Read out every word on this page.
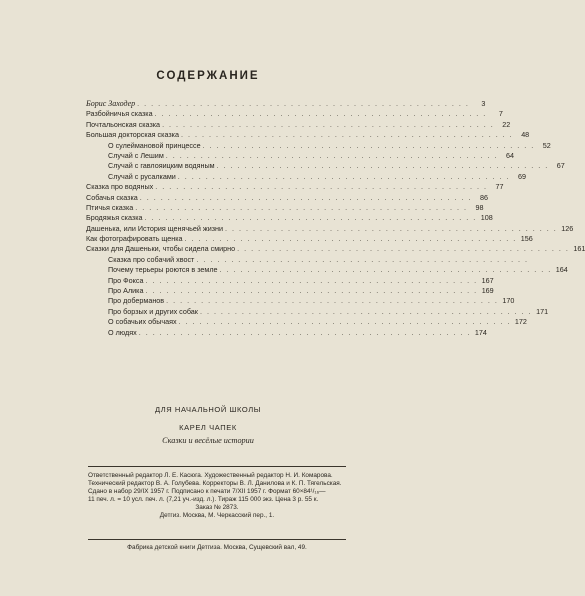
СОДЕРЖАНИЕ
Борис Заходер . . . . . . . . . . . . . . . . . . . . . . . . . . . . . . . . . . . . . . . . . . . . . . . .	3
Разбойничья сказка . . . . . . . . . . . . . . . . . . . . . . . . . . . . . . . . . . . . . . . . . . . . . . . .	7
Почтальонская сказка . . . . . . . . . . . . . . . . . . . . . . . . . . . . . . . . . . . . . . . . . . . . . . . .	22
Большая докторская сказка . . . . . . . . . . . . . . . . . . . . . . . . . . . . . . . . . . . . . . . . . . . . . . . .	48
О сулеймановой принцессе . . . . . . . . . . . . . . . . . . . . . . . . . . . . . . . . . . . . . . . . . . . . . . . .	52
Случай с Лешим . . . . . . . . . . . . . . . . . . . . . . . . . . . . . . . . . . . . . . . . . . . . . . . .	64
Случай с гавлояицким водяным . . . . . . . . . . . . . . . . . . . . . . . . . . . . . . . . . . . . . . . . . . . . . . . .	67
Случай с русалками . . . . . . . . . . . . . . . . . . . . . . . . . . . . . . . . . . . . . . . . . . . . . . . .	69
Сказка про водяных . . . . . . . . . . . . . . . . . . . . . . . . . . . . . . . . . . . . . . . . . . . . . . . .	77
Собачья сказка . . . . . . . . . . . . . . . . . . . . . . . . . . . . . . . . . . . . . . . . . . . . . . . .	86
Птичья сказка . . . . . . . . . . . . . . . . . . . . . . . . . . . . . . . . . . . . . . . . . . . . . . . .	98
Бродяжья сказка . . . . . . . . . . . . . . . . . . . . . . . . . . . . . . . . . . . . . . . . . . . . . . . . 108
Дашенька, или История щенячьей жизни . . . . . . . . . . . . . . . . . . . . . . . . . . . . . . . . . . . . . . . . . . . . . . . . 126
Как фотографировать щенка . . . . . . . . . . . . . . . . . . . . . . . . . . . . . . . . . . . . . . . . . . . . . . . . 156
Сказки для Дашеньки, чтобы сидела смирно . . . . . . . . . . . . . . . . . . . . . . . . . . . . . . . . . . . . . . . . . . . . . . . . 161
Сказка про собачий хвост . . . . . . . . . . . . . . . . . . . . . . . . . . . . . . . . . . . . . . . . . . . . . . . .
Почему терьеры роются в земле . . . . . . . . . . . . . . . . . . . . . . . . . . . . . . . . . . . . . . . . . . . . . . . . 164
Про Фокса . . . . . . . . . . . . . . . . . . . . . . . . . . . . . . . . . . . . . . . . . . . . . . . . 167
Про Алика . . . . . . . . . . . . . . . . . . . . . . . . . . . . . . . . . . . . . . . . . . . . . . . . 169
Про доберманов . . . . . . . . . . . . . . . . . . . . . . . . . . . . . . . . . . . . . . . . . . . . . . . . 170
Про борзых и других собак . . . . . . . . . . . . . . . . . . . . . . . . . . . . . . . . . . . . . . . . . . . . . . . . 171
О собачьих обычаях . . . . . . . . . . . . . . . . . . . . . . . . . . . . . . . . . . . . . . . . . . . . . . . . 172
О людях . . . . . . . . . . . . . . . . . . . . . . . . . . . . . . . . . . . . . . . . . . . . . . . . 174
ДЛЯ НАЧАЛЬНОЙ ШКОЛЫ
КАРЕЛ ЧАПЕК
Сказки и весёлые истории
Ответственный редактор Л. Е. Касюга. Художественный редактор Н. И. Комарова.
Технический редактор В. А. Голубева. Корректоры В. Л. Данилова и К. П. Тягельская.
Сдано в набор 29/IX 1957 г. Подписано к печати 7/XII 1957 г. Формат 60×84¹/₁₆—
11 печ. л. = 10 усл. печ. л. (7,21 уч.-изд. л.). Тираж 115 000 экз. Цена 3 р. 55 к.
Заказ № 2873.
Детгиз. Москва, М. Черкасский пер., 1.
Фабрика детской книги Детгиза. Москва, Сущевский вал, 49.
